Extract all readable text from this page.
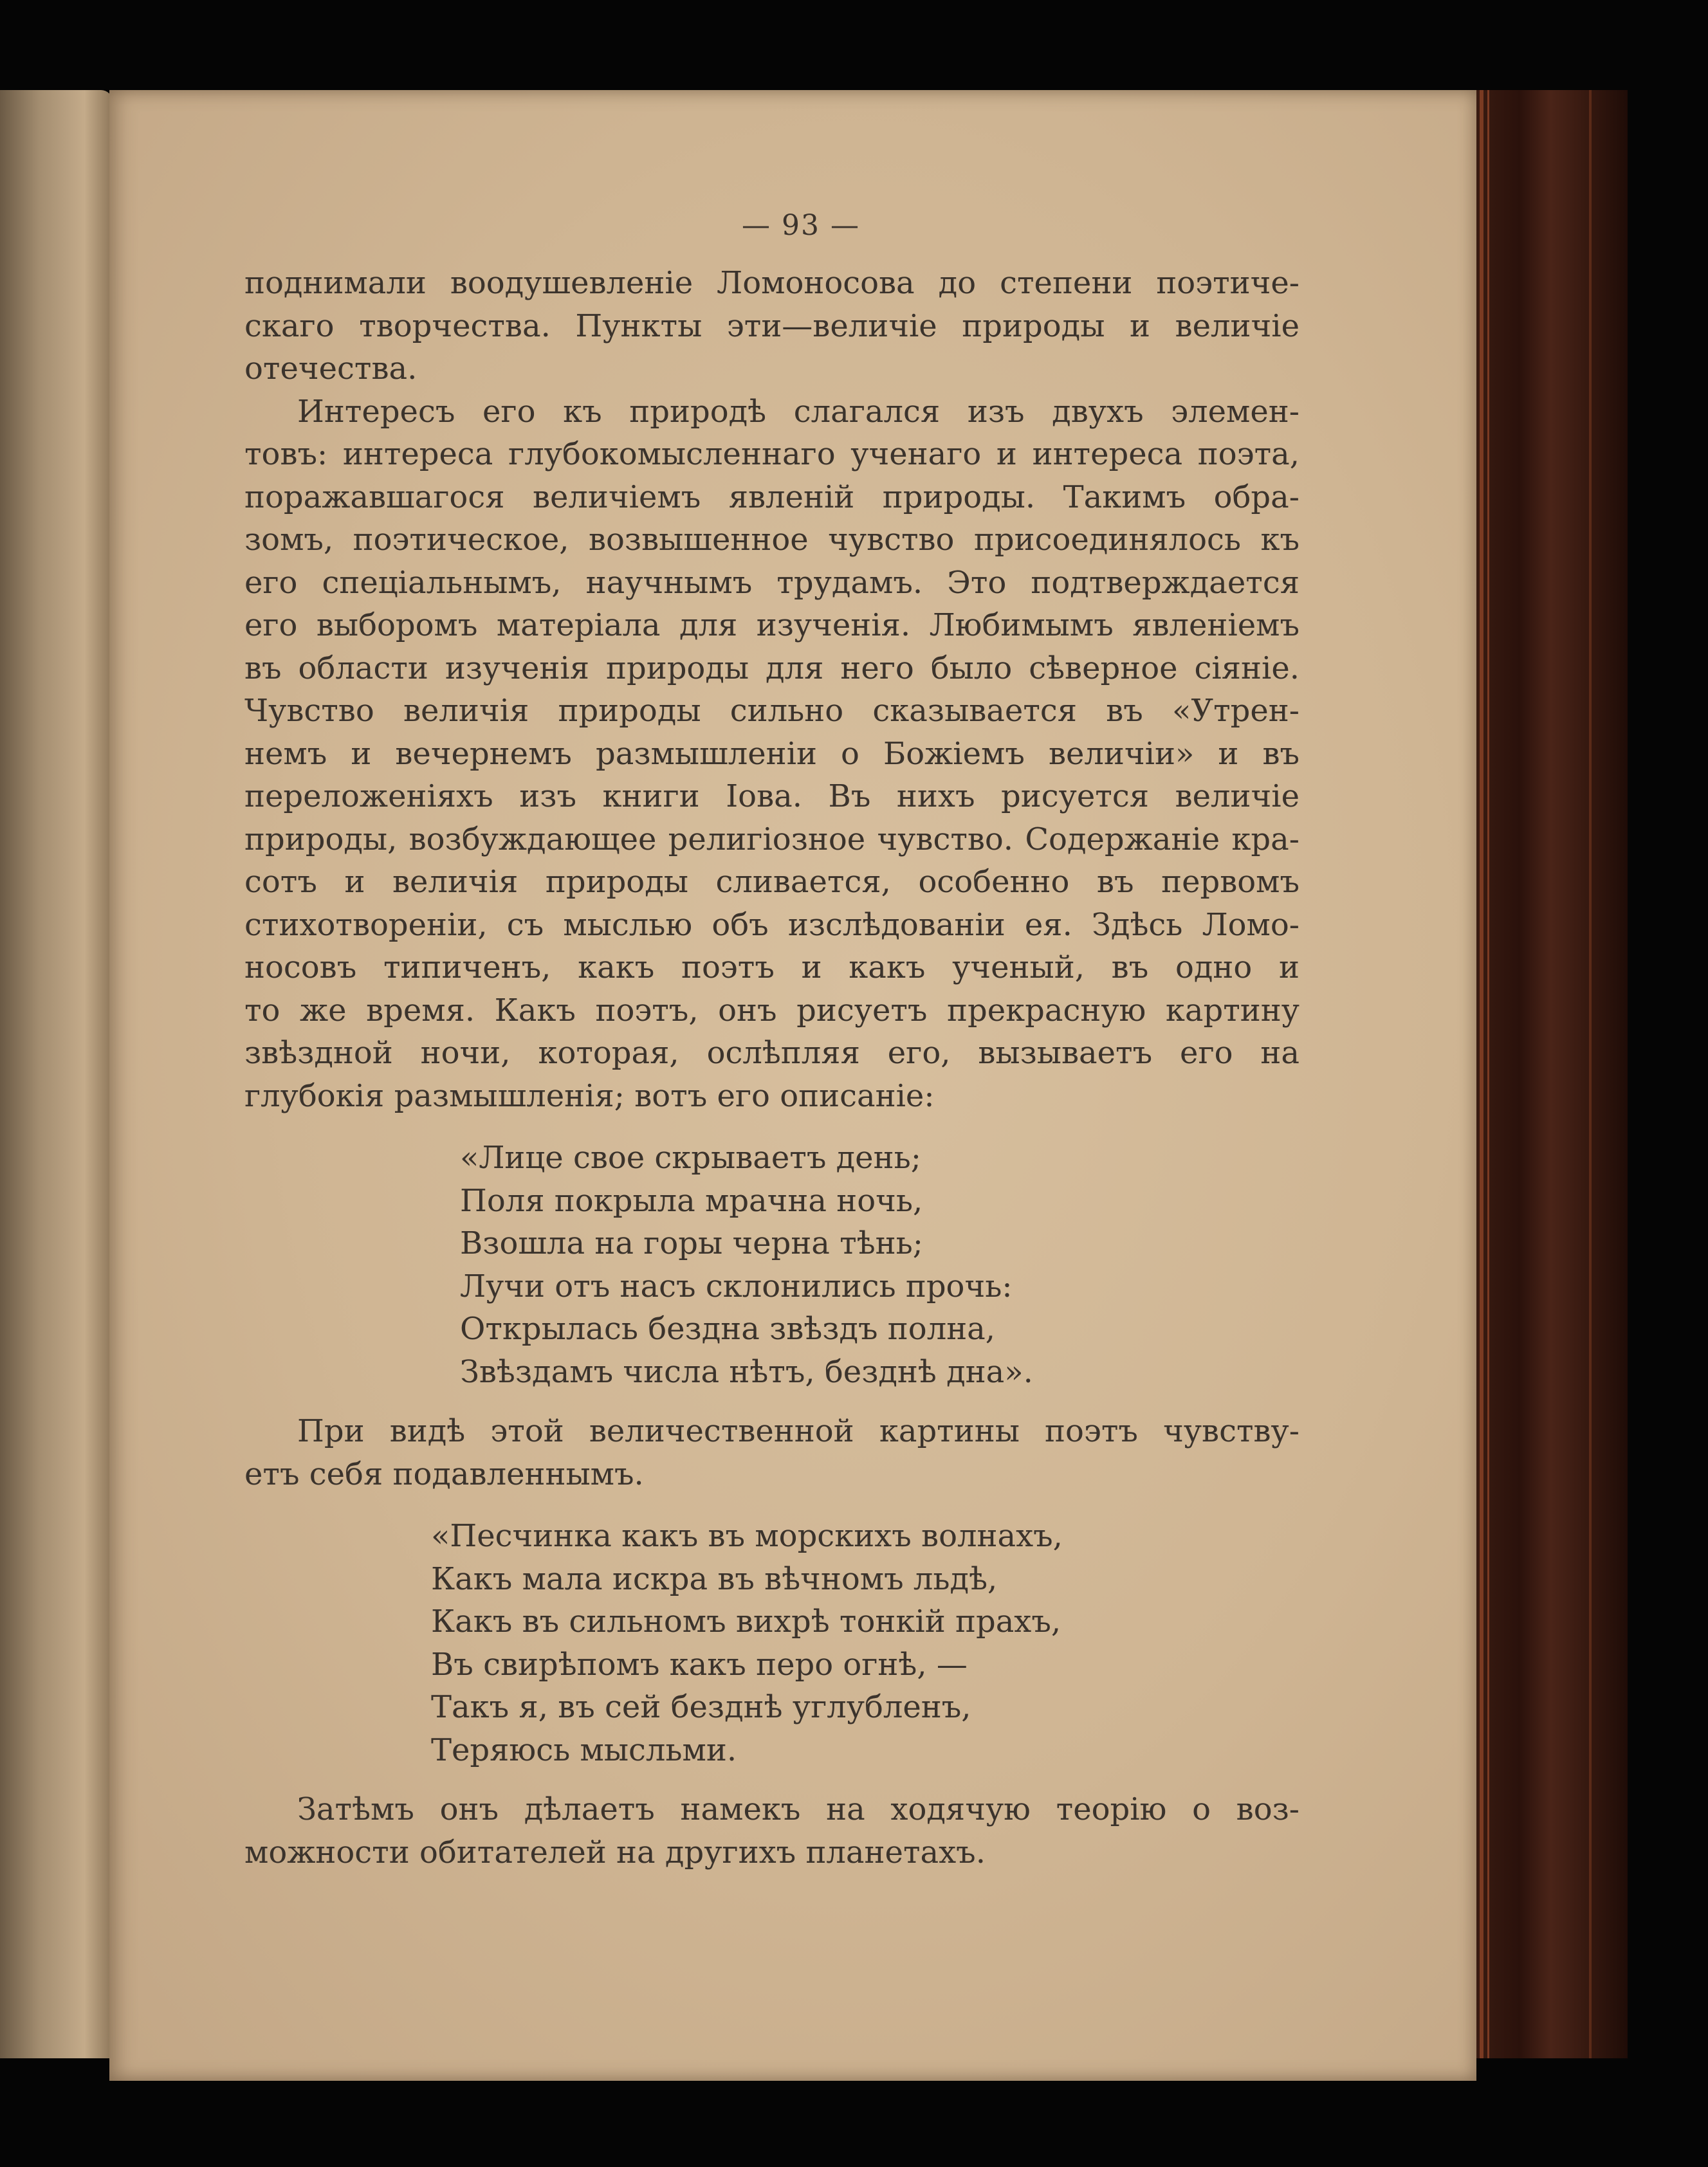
— 93 —
поднимали воодушевленіе Ломоносова до степени поэтиче-
скаго творчества. Пункты эти—величіе природы и величіе
отечества.
Интересъ его къ природѣ слагался изъ двухъ элемен-
товъ: интереса глубокомысленнаго ученаго и интереса поэта,
поражавшагося величіемъ явленій природы. Такимъ обра-
зомъ, поэтическое, возвышенное чувство присоединялось къ
его спеціальнымъ, научнымъ трудамъ. Это подтверждается
его выборомъ матеріала для изученія. Любимымъ явленіемъ
въ области изученія природы для него было сѣверное сіяніе.
Чувство величія природы сильно сказывается въ «Утрен-
немъ и вечернемъ размышленіи о Божіемъ величіи» и въ
переложеніяхъ изъ книги Іова. Въ нихъ рисуется величіе
природы, возбуждающее религіозное чувство. Содержаніе кра-
сотъ и величія природы сливается, особенно въ первомъ
стихотвореніи, съ мыслью объ изслѣдованіи ея. Здѣсь Ломо-
носовъ типиченъ, какъ поэтъ и какъ ученый, въ одно и
то же время. Какъ поэтъ, онъ рисуетъ прекрасную картину
звѣздной ночи, которая, ослѣпляя его, вызываетъ его на
глубокія размышленія; вотъ его описаніе:
«Лице свое скрываетъ день;
Поля покрыла мрачна ночь,
Взошла на горы черна тѣнь;
Лучи отъ насъ склонились прочь:
Открылась бездна звѣздъ полна,
Звѣздамъ числа нѣтъ, безднѣ дна».
При видѣ этой величественной картины поэтъ чувству-
етъ себя подавленнымъ.
«Песчинка какъ въ морскихъ волнахъ,
Какъ мала искра въ вѣчномъ льдѣ,
Какъ въ сильномъ вихрѣ тонкій прахъ,
Въ свирѣпомъ какъ перо огнѣ, —
Такъ я, въ сей безднѣ углубленъ,
Теряюсь мысльми.
Затѣмъ онъ дѣлаетъ намекъ на ходячую теорію о воз-
можности обитателей на другихъ планетахъ.
